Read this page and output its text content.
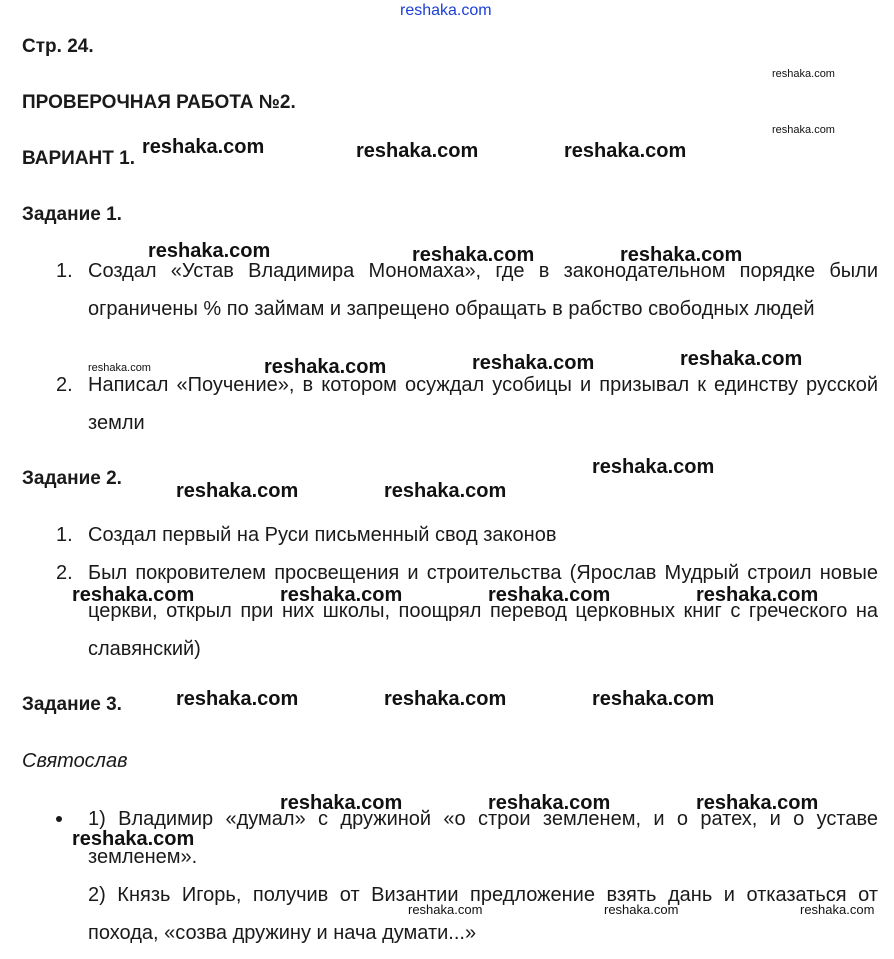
reshaka.com
Стр. 24.
ПРОВЕРОЧНАЯ РАБОТА №2.
ВАРИАНТ 1.
reshaka.com
reshaka.com
reshaka.com	reshaka.com	reshaka.com
Задание 1.
reshaka.com	reshaka.com	reshaka.com
1. Создал «Устав Владимира Мономаха», где в законодательном порядке были ограничены % по займам и запрещено обращать в рабство свободных людей
reshaka.com	reshaka.com	reshaka.com	reshaka.com
2. Написал «Поучение», в котором осуждал усобицы и призывал к единству русской земли
Задание 2.
reshaka.com
reshaka.com	reshaka.com
1. Создал первый на Руси письменный свод законов
2. Был покровителем просвещения и строительства (Ярослав Мудрый строил новые церкви, открыл при них школы, поощрял перевод церковных книг с греческого на славянский)
reshaka.com	reshaka.com	reshaka.com	reshaka.com
Задание 3.	reshaka.com	reshaka.com	reshaka.com
Святослав
reshaka.com	reshaka.com	reshaka.com
1) Владимир «думал» с дружиной «о строи земленем, и о ратех, и о уставе земленем».
reshaka.com
2) Князь Игорь, получив от Византии предложение взять дань и отказаться от похода, «созва дружину и нача думати...»
reshaka.com	reshaka.com	reshaka.com
